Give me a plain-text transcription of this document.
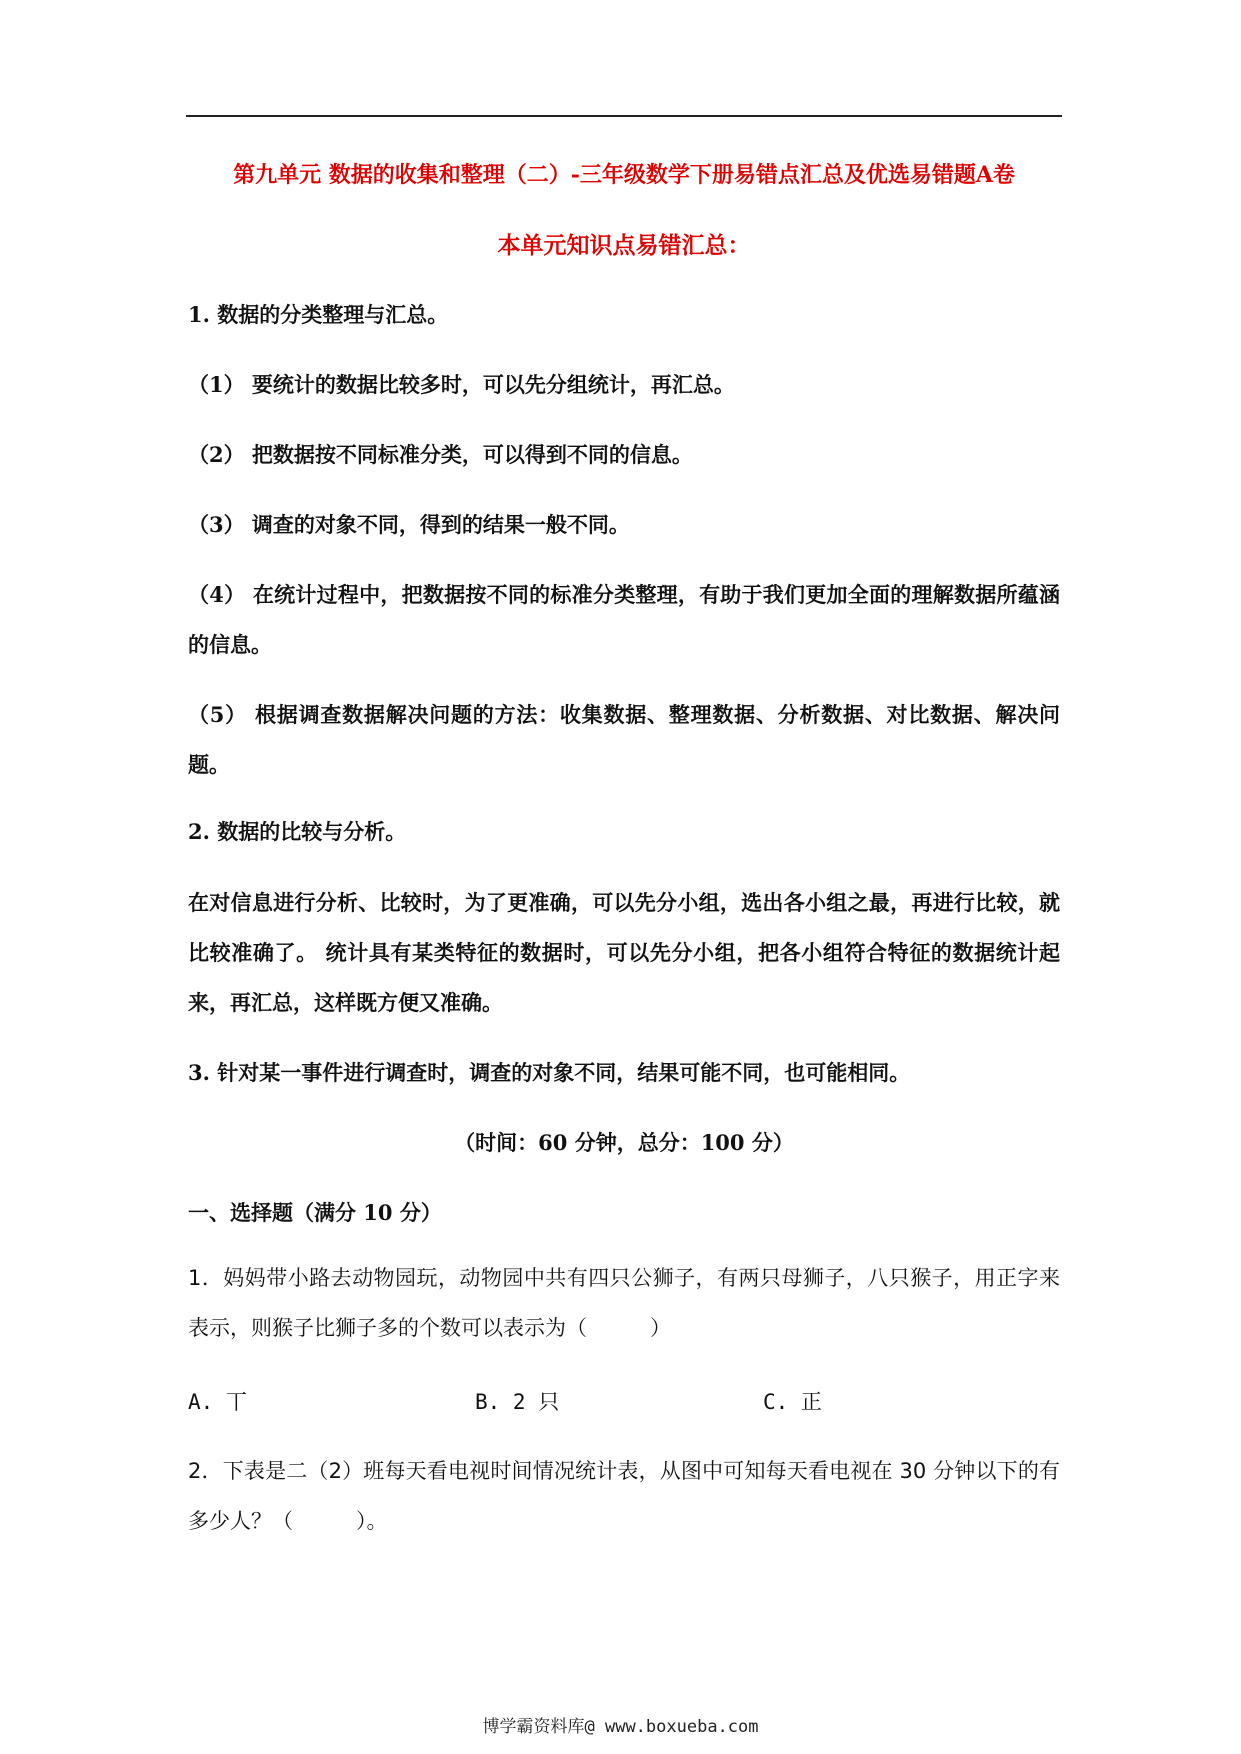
第九单元 数据的收集和整理（二）-三年级数学下册易错点汇总及优选易错题A卷
本单元知识点易错汇总：
1. 数据的分类整理与汇总。
（1） 要统计的数据比较多时，可以先分组统计，再汇总。
（2） 把数据按不同标准分类，可以得到不同的信息。
（3） 调查的对象不同，得到的结果一般不同。
（4） 在统计过程中，把数据按不同的标准分类整理，有助于我们更加全面的理解数据所蕴涵的信息。
（5） 根据调查数据解决问题的方法：收集数据、整理数据、分析数据、对比数据、解决问题。
2. 数据的比较与分析。
在对信息进行分析、比较时，为了更准确，可以先分小组，选出各小组之最，再进行比较，就比较准确了。 统计具有某类特征的数据时，可以先分小组，把各小组符合特征的数据统计起来，再汇总，这样既方便又准确。
3. 针对某一事件进行调查时，调查的对象不同，结果可能不同，也可能相同。
（时间：60 分钟，总分：100 分）
一、选择题（满分 10 分）
1．妈妈带小路去动物园玩，动物园中共有四只公狮子，有两只母狮子，八只猴子，用正字来表示，则猴子比狮子多的个数可以表示为（　　　）
A. 丅	B. 2 只	C. 正
2．下表是二（2）班每天看电视时间情况统计表，从图中可知每天看电视在 30 分钟以下的有多少人？（　　　）。
博学霸资料库@ www.boxueba.com
